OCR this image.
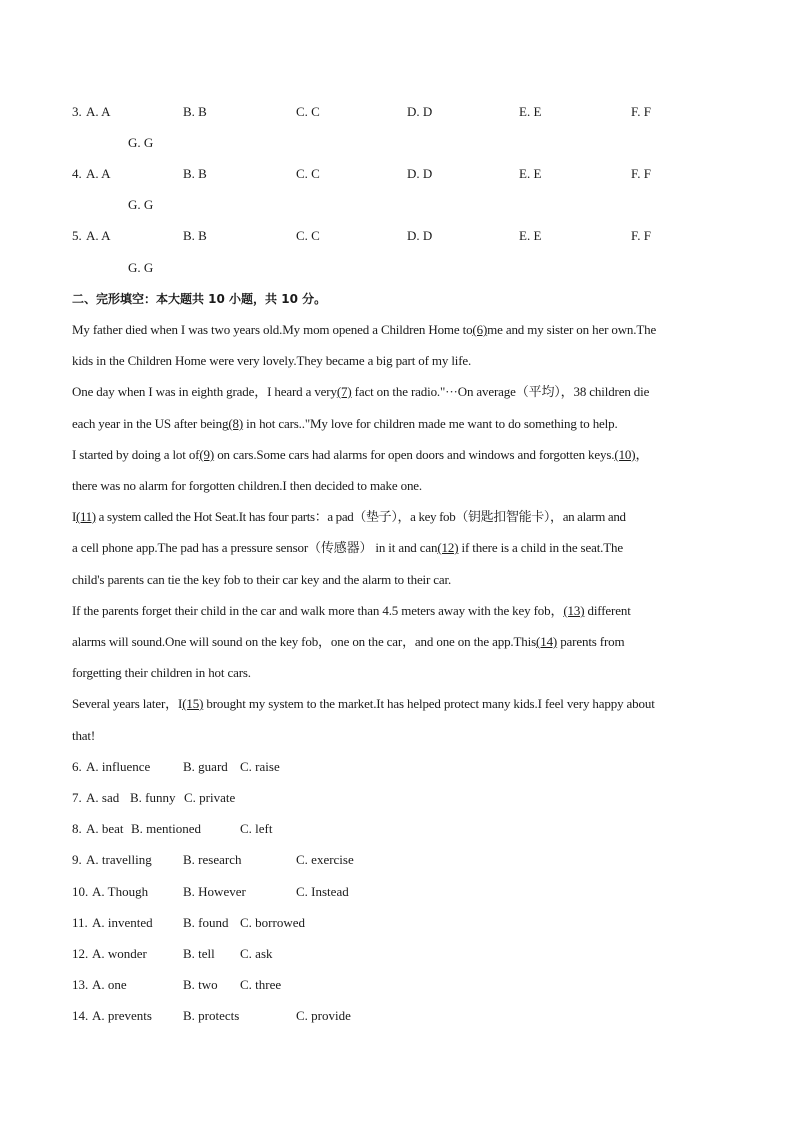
3. A. A	B. B	C. C	D. D	E. E	F. F
G. G
4. A. A	B. B	C. C	D. D	E. E	F. F
G. G
5. A. A	B. B	C. C	D. D	E. E	F. F
G. G
二、完形填空：本大题共 10 小题，共 10 分。
My father died when I was two years old.My mom opened a Children Home to(6)me and my sister on her own.The
kids in the Children Home were very lovely.They became a big part of my life.
One day when I was in eighth grade，I heard a very(7) fact on the radio."···On average（平均），38 children die
each year in the US after being(8) in hot cars.."My love for children made me want to do something to help.
I started by doing a lot of(9) on cars.Some cars had alarms for open doors and windows and forgotten keys.(10)，
there was no alarm for forgotten children.I then decided to make one.
I(11) a system called the Hot Seat.It has four parts：a pad（垫子），a key fob（钥匙扣智能卡），an alarm and
a cell phone app.The pad has a pressure sensor（传感器） in it and can(12) if there is a child in the seat.The
child's parents can tie the key fob to their car key and the alarm to their car.
If the parents forget their child in the car and walk more than 4.5 meters away with the key fob，(13) different
alarms will sound.One will sound on the key fob，one on the car，and one on the app.This(14) parents from
forgetting their children in hot cars.
Several years later，I(15) brought my system to the market.It has helped protect many kids.I feel very happy about
that!
6. A. influence	B. guard C. raise
7. A. sad B. funny C. private
8. A. beat B. mentioned	C. left
9. A. travelling B. research	C. exercise
10. A. Though	B. However	C. Instead
11. A. invented B. found C. borrowed
12. A. wonder	B. tell C. ask
13. A. one	B. two C. three
14. A. prevents B. protects	C. provide
